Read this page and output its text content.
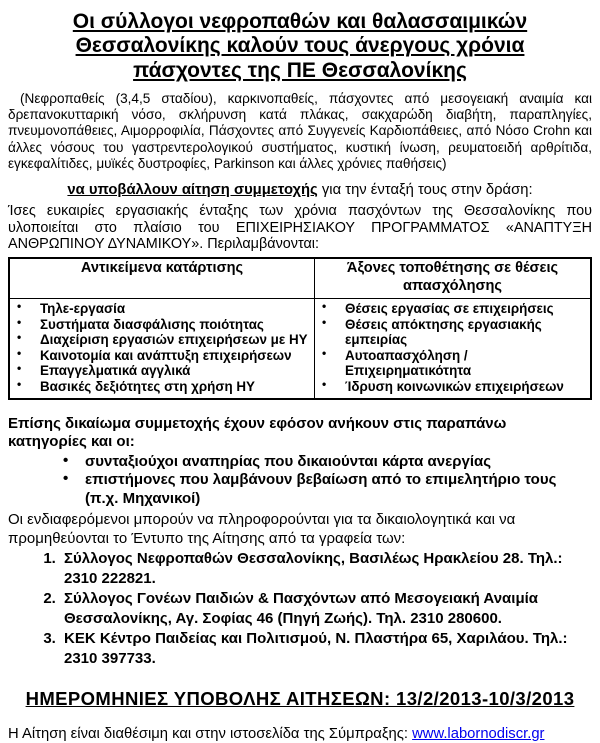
Οι σύλλογοι νεφροπαθών και θαλασσαιμικών
Θεσσαλονίκης καλούν τους άνεργους χρόνια
πάσχοντες της ΠΕ Θεσσαλονίκης

(Νεφροπαθείς (3,4,5 σταδίου), καρκινοπαθείς, πάσχοντες από μεσογειακή αναιμία και δρεπανοκυτταρική νόσο, σκλήρυνση κατά πλάκας, σακχαρώδη διαβήτη, παραπληγίες, πνευμονοπάθειες, Αιμορροφιλία, Πάσχοντες από Συγγενείς Καρδιοπάθειες, από Νόσο Crohn και άλλες νόσους του γαστρεντερολογικού συστήματος, κυστική ίνωση, ρευματοειδή αρθρίτιδα, εγκεφαλίτιδες, μυϊκές δυστροφίες, Parkinson και άλλες χρόνιες παθήσεις)

να υποβάλλουν αίτηση συμμετοχής για την ένταξή τους στην δράση:

Ίσες ευκαιρίες εργασιακής ένταξης των χρόνια πασχόντων της Θεσσαλονίκης που υλοποιείται στο πλαίσιο του ΕΠΙΧΕΙΡΗΣΙΑΚΟΥ ΠΡΟΓΡΑΜΜΑΤΟΣ «ΑΝΑΠΤΥΞΗ ΑΝΘΡΩΠΙΝΟΥ ΔΥΝΑΜΙΚΟΥ». Περιλαμβάνονται:

Αντικείμενα κατάρτισης	Άξονες τοποθέτησης σε θέσεις απασχόλησης

• Τηλε-εργασία
• Συστήματα διασφάλισης ποιότητας
• Διαχείριση εργασιών επιχειρήσεων με ΗΥ
• Καινοτομία και ανάπτυξη επιχειρήσεων
• Επαγγελματικά αγγλικά
• Βασικές δεξιότητες στη χρήση ΗΥ

• Θέσεις εργασίας σε επιχειρήσεις
• Θέσεις απόκτησης εργασιακής εμπειρίας
• Αυτοαπασχόληση / Επιχειρηματικότητα
• Ίδρυση κοινωνικών επιχειρήσεων

Επίσης δικαίωμα συμμετοχής έχουν εφόσον ανήκουν στις παραπάνω κατηγορίες και οι:

• συνταξιούχοι αναπηρίας που δικαιούνται κάρτα ανεργίας
• επιστήμονες που λαμβάνουν βεβαίωση από το επιμελητήριο τους (π.χ. Μηχανικοί)

Οι ενδιαφερόμενοι μπορούν να πληροφορούνται για τα δικαιολογητικά και να προμηθεύονται το Έντυπο της Αίτησης από τα γραφεία των:

1. Σύλλογος Νεφροπαθών Θεσσαλονίκης, Βασιλέως Ηρακλείου 28. Τηλ.: 2310 222821.
2. Σύλλογος Γονέων Παιδιών & Πασχόντων από Μεσογειακή Αναιμία Θεσσαλονίκης, Αγ. Σοφίας 46 (Πηγή Ζωής). Τηλ. 2310 280600.
3. ΚΕΚ Κέντρο Παιδείας και Πολιτισμού, Ν. Πλαστήρα 65, Χαριλάου. Τηλ.: 2310 397733.
ΗΜΕΡΟΜΗΝΙΕΣ ΥΠΟΒΟΛΗΣ ΑΙΤΗΣΕΩΝ: 13/2/2013-10/3/2013

Η Αίτηση είναι διαθέσιμη και στην ιστοσελίδα της Σύμπραξης: www.labornodiscr.gr
